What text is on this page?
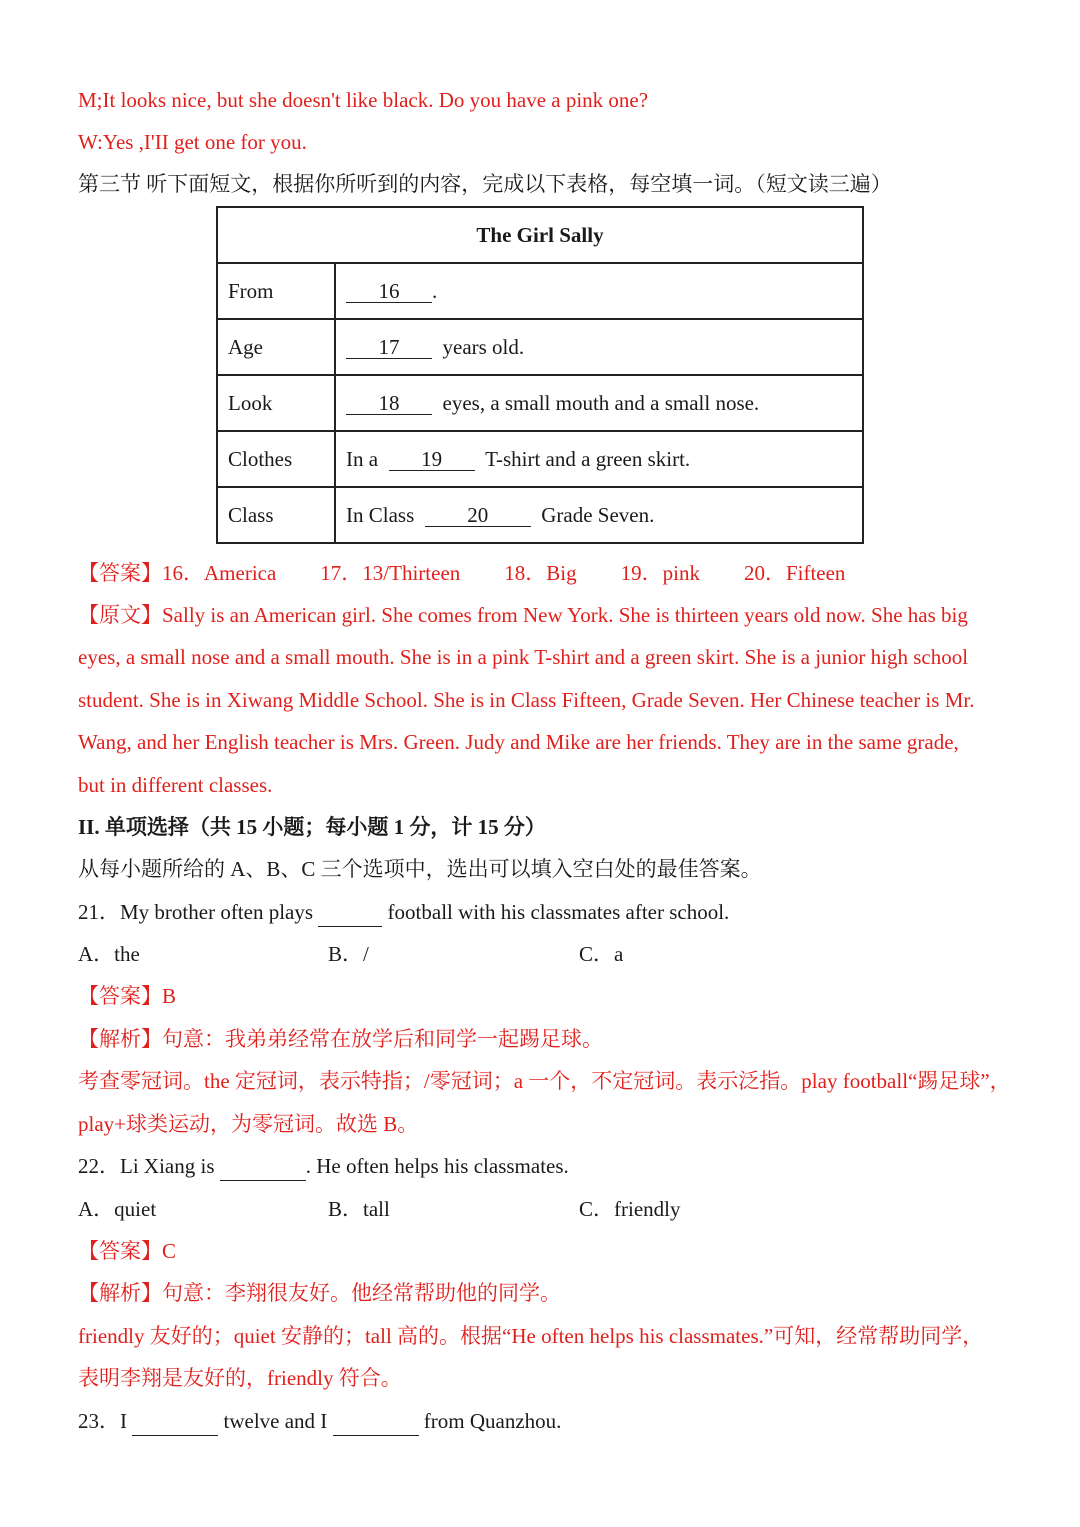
M;It looks nice, but she doesn't like black. Do you have a pink one?
W:Yes ,I'II get one for you.
第三节 听下面短文，根据你所听到的内容，完成以下表格，每空填一词。（短文读三遍）
The Girl Sally	
From	16 .
Age	17 years old.
Look	18 eyes, a small mouth and a small nose.
Clothes	In a 19 T-shirt and a green skirt.
Class	In Class 20 Grade Seven.
【答案】16．America 17．13/Thirteen 18．Big 19．pink 20．Fifteen
【原文】Sally is an American girl. She comes from New York. She is thirteen years old now. She has big
eyes, a small nose and a small mouth. She is in a pink T-shirt and a green skirt. She is a junior high school
student. She is in Xiwang Middle School. She is in Class Fifteen, Grade Seven. Her Chinese teacher is Mr.
Wang, and her English teacher is Mrs. Green. Judy and Mike are her friends. They are in the same grade,
but in different classes.
II. 单项选择（共 15 小题；每小题 1 分，计 15 分）
从每小题所给的 A、B、C 三个选项中，选出可以填入空白处的最佳答案。
21．My brother often plays	football with his classmates after school.
A．the	B．/	C．a
【答案】B
【解析】句意：我弟弟经常在放学后和同学一起踢足球。
考查零冠词。the 定冠词，表示特指；/零冠词；a 一个，不定冠词。表示泛指。play football“踢足球”，
play+球类运动，为零冠词。故选 B。
22．Li Xiang is	. He often helps his classmates.
A．quiet	B．tall	C．friendly
【答案】C
【解析】句意：李翔很友好。他经常帮助他的同学。
friendly 友好的；quiet 安静的；tall 高的。根据“He often helps his classmates.”可知，经常帮助同学，
表明李翔是友好的，friendly 符合。
23．I	twelve and I	from Quanzhou.
